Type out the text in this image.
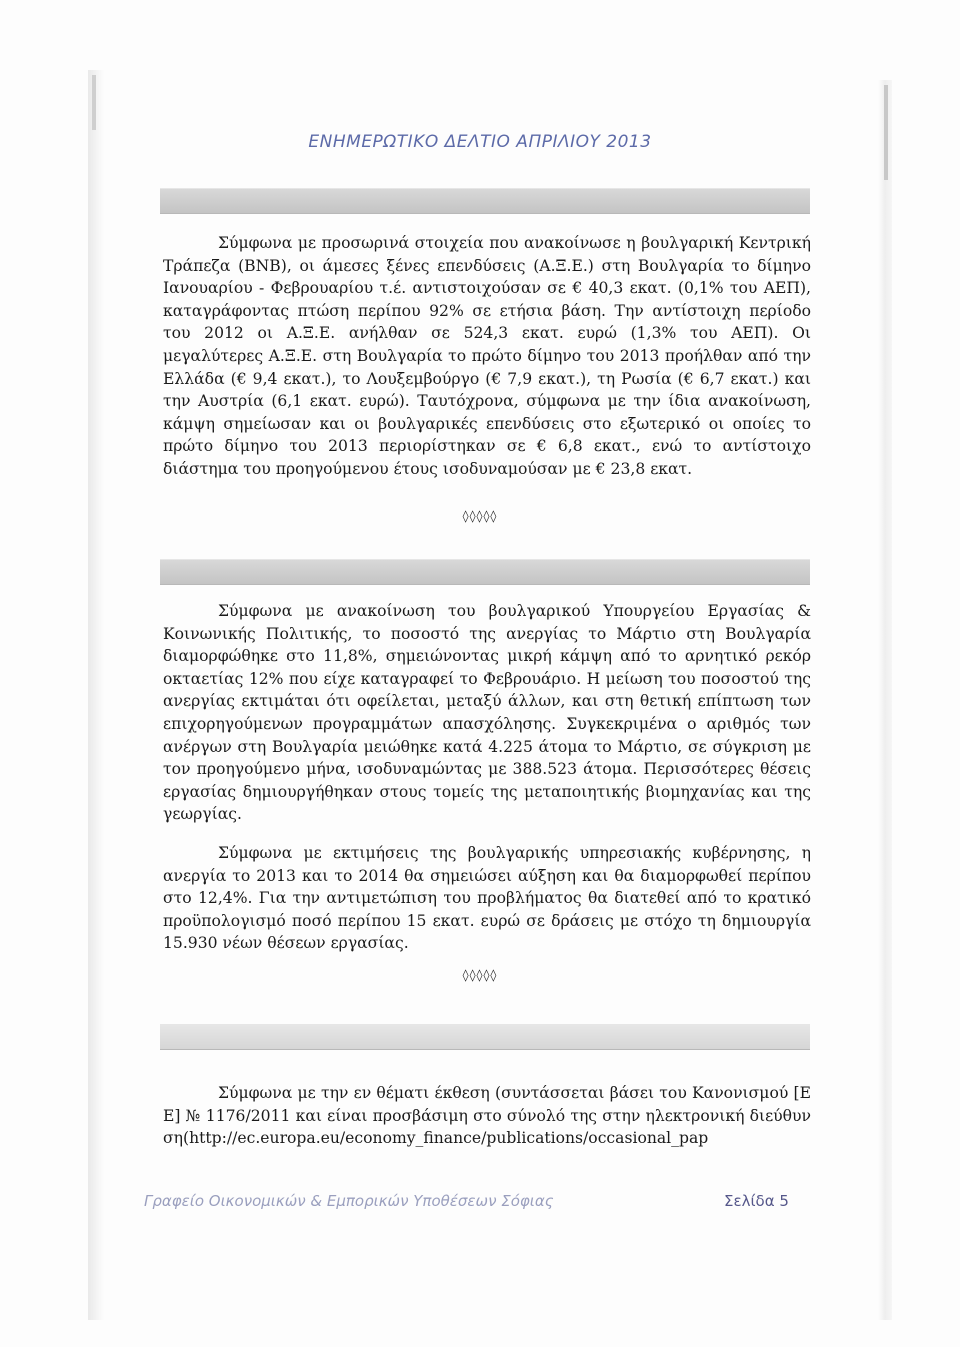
ΕΝΗΜΕΡΩΤΙΚΟ ΔΕΛΤΙΟ ΑΠΡΙΛΙΟΥ 2013
Σύμφωνα με προσωρινά στοιχεία που ανακοίνωσε η βουλγαρική Κεντρική Τράπεζα (BNB), οι άμεσες ξένες επενδύσεις (Α.Ξ.Ε.) στη Βουλγαρία το δίμηνο Ιανουαρίου - Φεβρουαρίου τ.έ. αντιστοιχούσαν σε € 40,3 εκατ. (0,1% του ΑΕΠ), καταγράφοντας πτώση περίπου 92% σε ετήσια βάση. Την αντίστοιχη περίοδο του 2012 οι Α.Ξ.Ε. ανήλθαν σε 524,3 εκατ. ευρώ (1,3% του ΑΕΠ). Οι μεγαλύτερες Α.Ξ.Ε. στη Βουλγαρία το πρώτο δίμηνο του 2013 προήλθαν από την Ελλάδα (€ 9,4 εκατ.), το Λουξεμβούργο (€ 7,9 εκατ.), τη Ρωσία (€ 6,7 εκατ.) και την Αυστρία (6,1 εκατ. ευρώ). Ταυτόχρονα, σύμφωνα με την ίδια ανακοίνωση, κάμψη σημείωσαν και οι βουλγαρικές επενδύσεις στο εξωτερικό οι οποίες το πρώτο δίμηνο του 2013 περιορίστηκαν σε € 6,8 εκατ., ενώ το αντίστοιχο διάστημα του προηγούμενου έτους ισοδυναμούσαν με € 23,8 εκατ.
◊◊◊◊◊
Σύμφωνα με ανακοίνωση του βουλγαρικού Υπουργείου Εργασίας & Κοινωνικής Πολιτικής, το ποσοστό της ανεργίας το Μάρτιο στη Βουλγαρία διαμορφώθηκε στο 11,8%, σημειώνοντας μικρή κάμψη από το αρνητικό ρεκόρ οκταετίας 12% που είχε καταγραφεί το Φεβρουάριο. Η μείωση του ποσοστού της ανεργίας εκτιμάται ότι οφείλεται, μεταξύ άλλων, και στη θετική επίπτωση των επιχορηγούμενων προγραμμάτων απασχόλησης. Συγκεκριμένα ο αριθμός των ανέργων στη Βουλγαρία μειώθηκε κατά 4.225 άτομα το Μάρτιο, σε σύγκριση με τον προηγούμενο μήνα, ισοδυναμώντας με 388.523 άτομα. Περισσότερες θέσεις εργασίας δημιουργήθηκαν στους τομείς της μεταποιητικής βιομηχανίας και της γεωργίας.
Σύμφωνα με εκτιμήσεις της βουλγαρικής υπηρεσιακής κυβέρνησης, η ανεργία το 2013 και το 2014 θα σημειώσει αύξηση και θα διαμορφωθεί περίπου στο 12,4%. Για την αντιμετώπιση του προβλήματος θα διατεθεί από το κρατικό προϋπολογισμό ποσό περίπου 15 εκατ. ευρώ σε δράσεις με στόχο τη δημιουργία 15.930 νέων θέσεων εργασίας.
◊◊◊◊◊
Σύμφωνα με την εν θέματι έκθεση (συντάσσεται βάσει του Κανονισμού [ΕΕ] № 1176/2011 και είναι προσβάσιμη στο σύνολό της στην ηλεκτρονική διεύθυνση(http://ec.europa.eu/economy_finance/publications/occasional_pap
Γραφείο Οικονομικών & Εμπορικών Υποθέσεων Σόφιας	Σελίδα 5
